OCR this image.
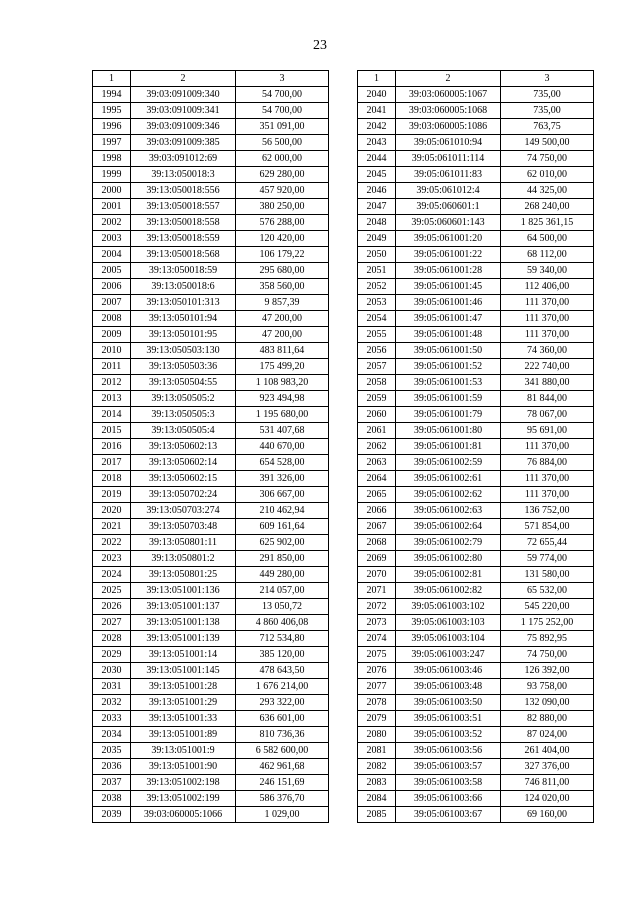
23
1	2	3
1994	39:03:091009:340	54 700,00
1995	39:03:091009:341	54 700,00
1996	39:03:091009:346	351 091,00
1997	39:03:091009:385	56 500,00
1998	39:03:091012:69	62 000,00
1999	39:13:050018:3	629 280,00
2000	39:13:050018:556	457 920,00
2001	39:13:050018:557	380 250,00
2002	39:13:050018:558	576 288,00
2003	39:13:050018:559	120 420,00
2004	39:13:050018:568	106 179,22
2005	39:13:050018:59	295 680,00
2006	39:13:050018:6	358 560,00
2007	39:13:050101:313	9 857,39
2008	39:13:050101:94	47 200,00
2009	39:13:050101:95	47 200,00
2010	39:13:050503:130	483 811,64
2011	39:13:050503:36	175 499,20
2012	39:13:050504:55	1 108 983,20
2013	39:13:050505:2	923 494,98
2014	39:13:050505:3	1 195 680,00
2015	39:13:050505:4	531 407,68
2016	39:13:050602:13	440 670,00
2017	39:13:050602:14	654 528,00
2018	39:13:050602:15	391 326,00
2019	39:13:050702:24	306 667,00
2020	39:13:050703:274	210 462,94
2021	39:13:050703:48	609 161,64
2022	39:13:050801:11	625 902,00
2023	39:13:050801:2	291 850,00
2024	39:13:050801:25	449 280,00
2025	39:13:051001:136	214 057,00
2026	39:13:051001:137	13 050,72
2027	39:13:051001:138	4 860 406,08
2028	39:13:051001:139	712 534,80
2029	39:13:051001:14	385 120,00
2030	39:13:051001:145	478 643,50
2031	39:13:051001:28	1 676 214,00
2032	39:13:051001:29	293 322,00
2033	39:13:051001:33	636 601,00
2034	39:13:051001:89	810 736,36
2035	39:13:051001:9	6 582 600,00
2036	39:13:051001:90	462 961,68
2037	39:13:051002:198	246 151,69
2038	39:13:051002:199	586 376,70
2039	39:03:060005:1066	1 029,00
1	2	3
2040	39:03:060005:1067	735,00
2041	39:03:060005:1068	735,00
2042	39:03:060005:1086	763,75
2043	39:05:061010:94	149 500,00
2044	39:05:061011:114	74 750,00
2045	39:05:061011:83	62 010,00
2046	39:05:061012:4	44 325,00
2047	39:05:060601:1	268 240,00
2048	39:05:060601:143	1 825 361,15
2049	39:05:061001:20	64 500,00
2050	39:05:061001:22	68 112,00
2051	39:05:061001:28	59 340,00
2052	39:05:061001:45	112 406,00
2053	39:05:061001:46	111 370,00
2054	39:05:061001:47	111 370,00
2055	39:05:061001:48	111 370,00
2056	39:05:061001:50	74 360,00
2057	39:05:061001:52	222 740,00
2058	39:05:061001:53	341 880,00
2059	39:05:061001:59	81 844,00
2060	39:05:061001:79	78 067,00
2061	39:05:061001:80	95 691,00
2062	39:05:061001:81	111 370,00
2063	39:05:061002:59	76 884,00
2064	39:05:061002:61	111 370,00
2065	39:05:061002:62	111 370,00
2066	39:05:061002:63	136 752,00
2067	39:05:061002:64	571 854,00
2068	39:05:061002:79	72 655,44
2069	39:05:061002:80	59 774,00
2070	39:05:061002:81	131 580,00
2071	39:05:061002:82	65 532,00
2072	39:05:061003:102	545 220,00
2073	39:05:061003:103	1 175 252,00
2074	39:05:061003:104	75 892,95
2075	39:05:061003:247	74 750,00
2076	39:05:061003:46	126 392,00
2077	39:05:061003:48	93 758,00
2078	39:05:061003:50	132 090,00
2079	39:05:061003:51	82 880,00
2080	39:05:061003:52	87 024,00
2081	39:05:061003:56	261 404,00
2082	39:05:061003:57	327 376,00
2083	39:05:061003:58	746 811,00
2084	39:05:061003:66	124 020,00
2085	39:05:061003:67	69 160,00
